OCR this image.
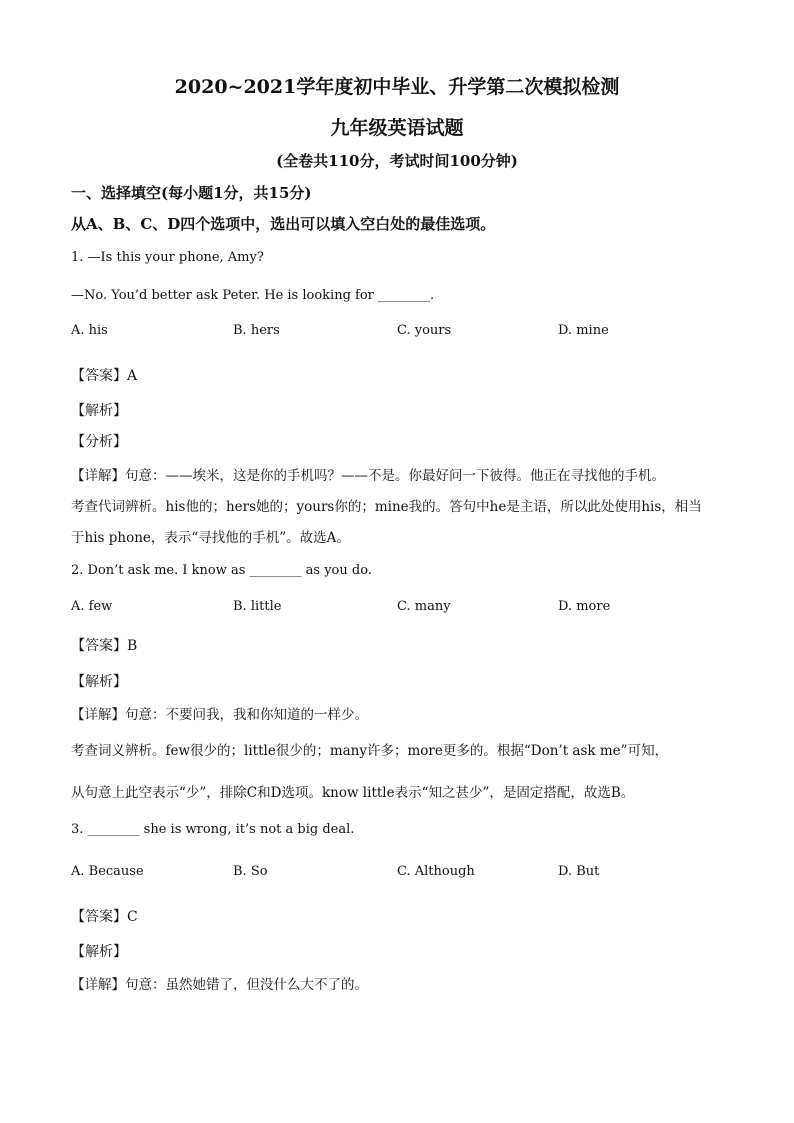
2020~2021学年度初中毕业、升学第二次模拟检测
九年级英语试题
(全卷共110分，考试时间100分钟)
一、选择填空(每小题1分，共15分)
从A、B、C、D四个选项中，选出可以填入空白处的最佳选项。
1. —Is this your phone, Amy?
—No. You’d better ask Peter. He is looking for ________.
A. his	B. hers	C. yours	D. mine
【答案】A
【解析】
【分析】
【详解】句意：——埃米，这是你的手机吗？——不是。你最好问一下彼得。他正在寻找他的手机。
考查代词辨析。his他的；hers她的；yours你的；mine我的。答句中he是主语，所以此处使用his，相当
于his phone，表示“寻找他的手机”。故选A。
2. Don’t ask me. I know as ________ as you do.
A. few	B. little	C. many	D. more
【答案】B
【解析】
【详解】句意：不要问我，我和你知道的一样少。
考查词义辨析。few很少的；little很少的；many许多；more更多的。根据“Don’t ask me”可知，
从句意上此空表示“少”，排除C和D选项。know little表示“知之甚少”，是固定搭配，故选B。
3. ________ she is wrong, it’s not a big deal.
A. Because	B. So	C. Although	D. But
【答案】C
【解析】
【详解】句意：虽然她错了，但没什么大不了的。
